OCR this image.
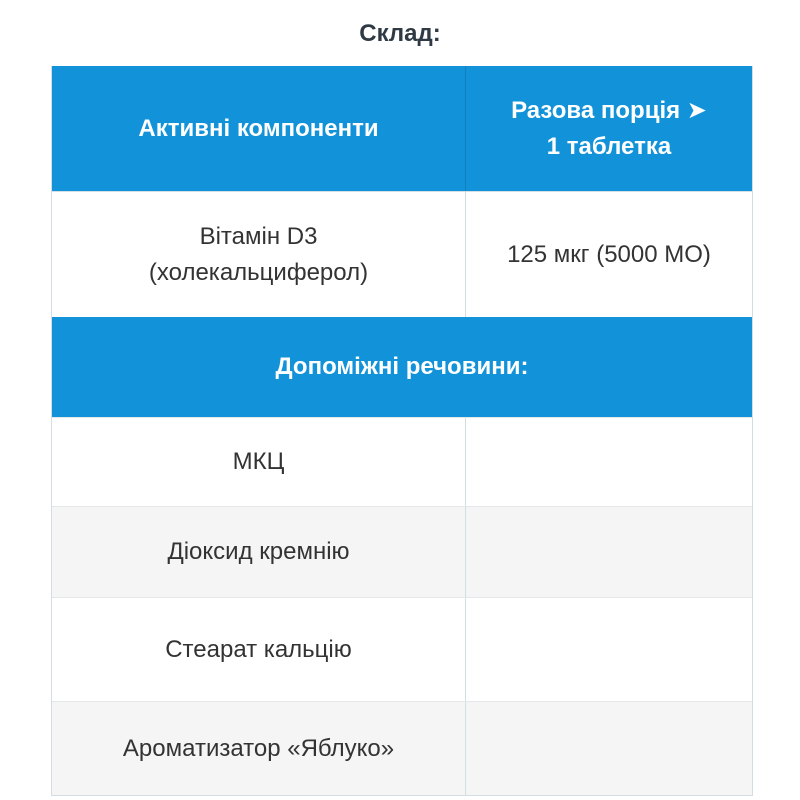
Склад:
Активні компоненти
Разова порція ➤
1 таблетка
Вітамін D3
(холекальциферол)
125 мкг (5000 МО)
Допоміжні речовини:
МКЦ
Діоксид кремнію
Стеарат кальцію
Ароматизатор «Яблуко»
